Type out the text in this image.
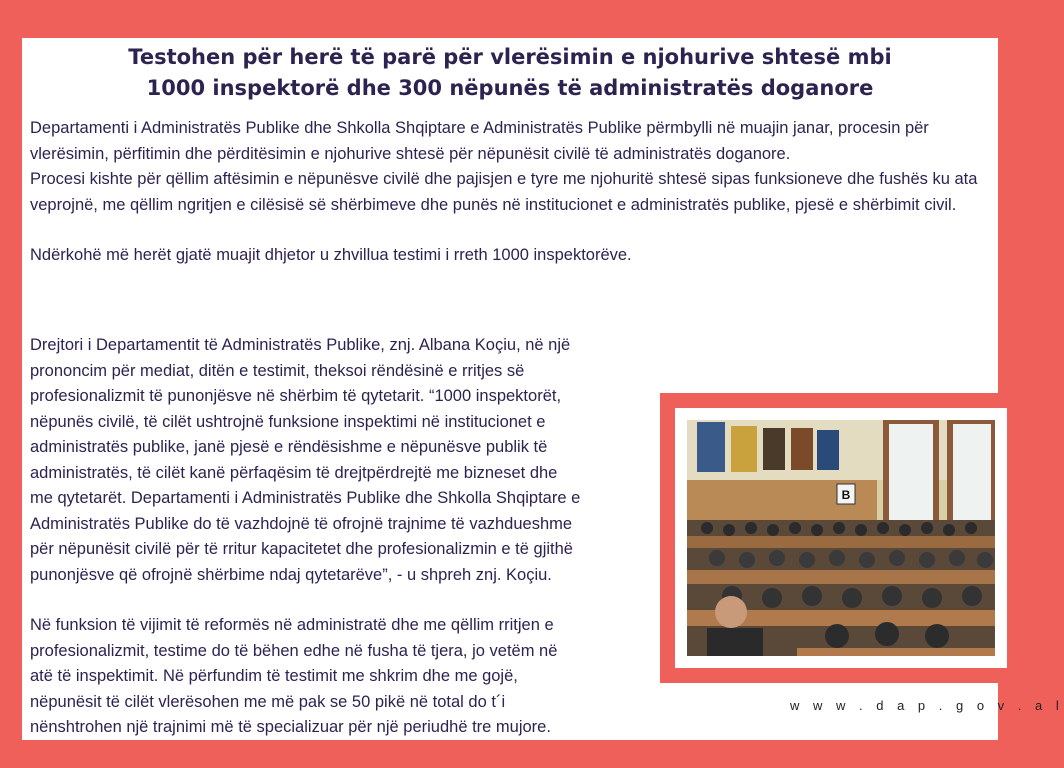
Testohen për herë të parë për vlerësimin e njohurive shtesë mbi
1000 inspektorë dhe 300 nëpunës të administratës doganore

Departamenti i Administratës Publike dhe Shkolla Shqiptare e Administratës Publike përmbylli në muajin janar, procesin për vlerësimin, përfitimin dhe përditësimin e njohurive shtesë për nëpunësit civilë të administratës doganore.

Procesi kishte për qëllim aftësimin e nëpunësve civilë dhe pajisjen e tyre me njohuritë shtesë sipas funksioneve dhe fushës ku ata veprojnë, me qëllim ngritjen e cilësisë së shërbimeve dhe punës në institucionet e administratës publike, pjesë e shërbimit civil.

Ndërkohë më herët gjatë muajit dhjetor u zhvillua testimi i rreth 1000 inspektorëve.

Drejtori i Departamentit të Administratës Publike, znj. Albana Koçiu, në një
prononcim për mediat, ditën e testimit, theksoi rëndësinë e rritjes së
profesionalizmit të punonjësve në shërbim të qytetarit. “1000 inspektorët,
nëpunës civilë, të cilët ushtrojnë funksione inspektimi në institucionet e
administratës publike, janë pjesë e rëndësishme e nëpunësve publik të
administratës, të cilët kanë përfaqësim të drejtpërdrejtë me bizneset dhe
me qytetarët. Departamenti i Administratës Publike dhe Shkolla Shqiptare e
Administratës Publike do të vazhdojnë të ofrojnë trajnime të vazhdueshme
për nëpunësit civilë për të rritur kapacitetet dhe profesionalizmin e të gjithë
punonjësve që ofrojnë shërbime ndaj qytetarëve”, - u shpreh znj. Koçiu.

Në funksion të vijimit të reformës në administratë dhe me qëllim rritjen e
profesionalizmit, testime do të bëhen edhe në fusha të tjera, jo vetëm në
atë të inspektimit. Në përfundim të testimit me shkrim dhe me gojë,
nëpunësit të cilët vlerësohen me më pak se 50 pikë në total do t´i
nënshtrohen një trajnimi më të specializuar për një periudhë tre mujore.

B
w w w . d a p . g o v . a l
